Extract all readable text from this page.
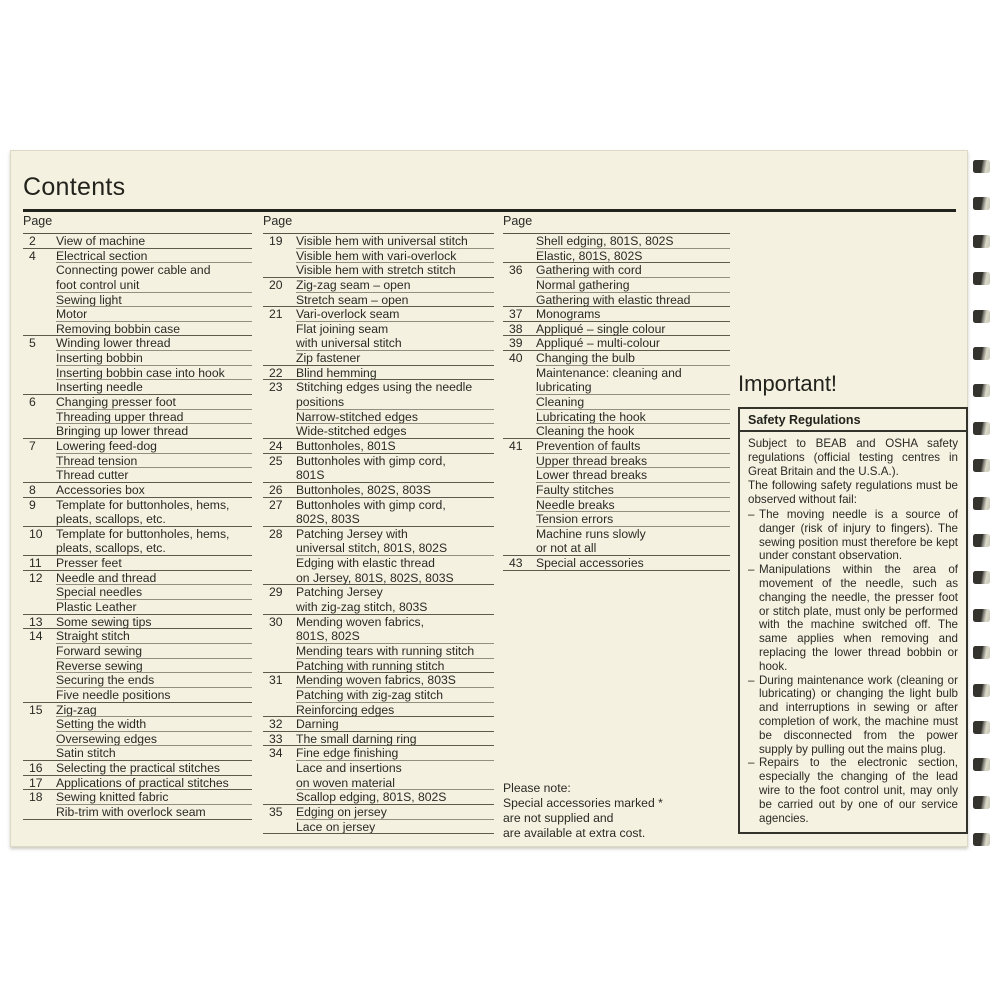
Contents
Page
2	View of machine
4	Electrical section
Connecting power cable and
foot control unit
Sewing light
Motor
Removing bobbin case
5	Winding lower thread
Inserting bobbin
Inserting bobbin case into hook
Inserting needle
6	Changing presser foot
Threading upper thread
Bringing up lower thread
7	Lowering feed-dog
Thread tension
Thread cutter
8	Accessories box
9	Template for buttonholes, hems,
pleats, scallops, etc.
10	Template for buttonholes, hems,
pleats, scallops, etc.
11	Presser feet
12	Needle and thread
Special needles
Plastic Leather
13	Some sewing tips
14	Straight stitch
Forward sewing
Reverse sewing
Securing the ends
Five needle positions
15	Zig-zag
Setting the width
Oversewing edges
Satin stitch
16	Selecting the practical stitches
17	Applications of practical stitches
18	Sewing knitted fabric
Rib-trim with overlock seam
Page
19	Visible hem with universal stitch
Visible hem with vari-overlock
Visible hem with stretch stitch
20	Zig-zag seam – open
Stretch seam – open
21	Vari-overlock seam
Flat joining seam
with universal stitch
Zip fastener
22	Blind hemming
23	Stitching edges using the needle
positions
Narrow-stitched edges
Wide-stitched edges
24	Buttonholes, 801S
25	Buttonholes with gimp cord,
801S
26	Buttonholes, 802S, 803S
27	Buttonholes with gimp cord,
802S, 803S
28	Patching Jersey with
universal stitch, 801S, 802S
Edging with elastic thread
on Jersey, 801S, 802S, 803S
29	Patching Jersey
with zig-zag stitch, 803S
30	Mending woven fabrics,
801S, 802S
Mending tears with running stitch
Patching with running stitch
31	Mending woven fabrics, 803S
Patching with zig-zag stitch
Reinforcing edges
32	Darning
33	The small darning ring
34	Fine edge finishing
Lace and insertions
on woven material
Scallop edging, 801S, 802S
35	Edging on jersey
Lace on jersey
Page
Shell edging, 801S, 802S
Elastic, 801S, 802S
36	Gathering with cord
Normal gathering
Gathering with elastic thread
37	Monograms
38	Appliqué – single colour
39	Appliqué – multi-colour
40	Changing the bulb
Maintenance: cleaning and
lubricating
Cleaning
Lubricating the hook
Cleaning the hook
41	Prevention of faults
Upper thread breaks
Lower thread breaks
Faulty stitches
Needle breaks
Tension errors
Machine runs slowly
or not at all
43	Special accessories
Please note:
Special accessories marked *
are not supplied and
are available at extra cost.
Important!
Safety Regulations

Subject to BEAB and OSHA safety regulations (official testing centres in Great Britain and the U.S.A.).

The following safety regulations must be observed without fail:

– The moving needle is a source of danger (risk of injury to fingers). The sewing position must therefore be kept under constant observation.
– Manipulations within the area of movement of the needle, such as changing the needle, the presser foot or stitch plate, must only be performed with the machine switched off. The same applies when removing and replacing the lower thread bobbin or hook.
– During maintenance work (cleaning or lubricating) or changing the light bulb and interruptions in sewing or after completion of work, the machine must be disconnected from the power supply by pulling out the mains plug.
– Repairs to the electronic section, especially the changing of the lead wire to the foot control unit, may only be carried out by one of our service agencies.
